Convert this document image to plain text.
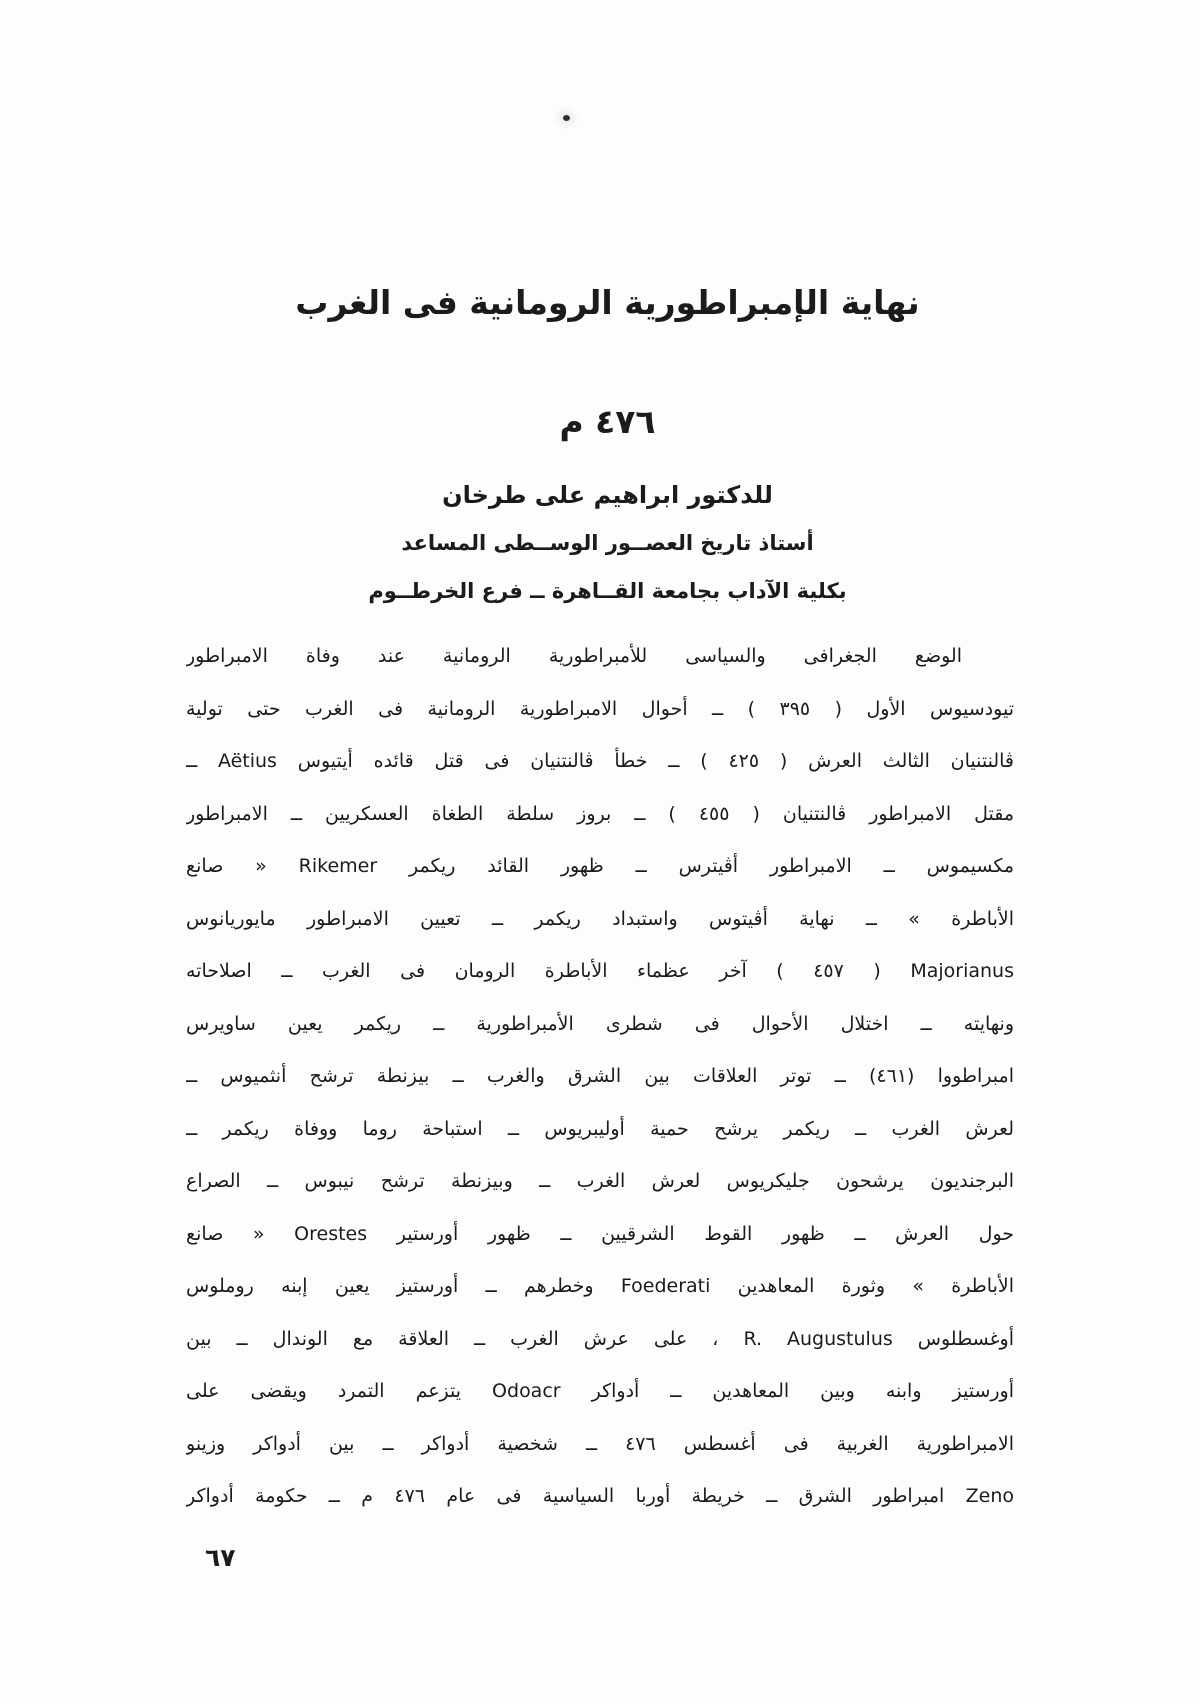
نهاية الإمبراطورية الرومانية فى الغرب
٤٧٦ م
للدكتور ابراهيم على طرخان
أستاذ تاريخ العصــور الوســطى المساعد
بكلية الآداب بجامعة القــاهرة ــ فرع الخرطــوم
الوضع الجغرافى والسياسى للأمبراطورية الرومانية عند وفاة الامبراطور
تيودسيوس الأول ( ٣٩٥ ) ــ أحوال الامبراطورية الرومانية فى الغرب حتى تولية
ڤالنتنيان الثالث العرش ( ٤٢٥ ) ــ خطأ ڤالنتنيان فى قتل قائده أيتيوس Aëtius ــ
مقتل الامبراطور ڤالنتنيان ( ٤٥٥ ) ــ بروز سلطة الطغاة العسكريين ــ الامبراطور
مكسيموس ــ الامبراطور أڤيترس ــ ظهور القائد ريكمر Rikemer « صانع
الأباطرة » ــ نهاية أڤيتوس واستبداد ريكمر ــ تعيين الامبراطور مايوريانوس
Majorianus ( ٤٥٧ ) آخر عظماء الأباطرة الرومان فى الغرب ــ اصلاحاته
ونهايته ــ اختلال الأحوال فى شطرى الأمبراطورية ــ ريكمر يعين ساويرس
امبراطووا (٤٦١) ــ توتر العلاقات بين الشرق والغرب ــ بيزنطة ترشح أنثميوس ــ
لعرش الغرب ــ ريكمر يرشح حمية أوليبريوس ــ استباحة روما ووفاة ريكمر ــ
البرجنديون يرشحون جليكريوس لعرش الغرب ــ وبيزنطة ترشح نيبوس ــ الصراع
حول العرش ــ ظهور القوط الشرقيين ــ ظهور أورستير Orestes « صانع
الأباطرة » وثورة المعاهدين Foederati وخطرهم ــ أورستيز يعين إبنه روملوس
أوغسطلوس R. Augustulus ، على عرش الغرب ــ العلاقة مع الوندال ــ بين
أورستيز وابنه وبين المعاهدين ــ أدواكر Odoacr يتزعم التمرد ويقضى على
الامبراطورية الغربية فى أغسطس ٤٧٦ ــ شخصية أدواكر ــ بين أدواكر وزينو
Zeno امبراطور الشرق ــ خريطة أوربا السياسية فى عام ٤٧٦ م ــ حكومة أدواكر
٦٧
